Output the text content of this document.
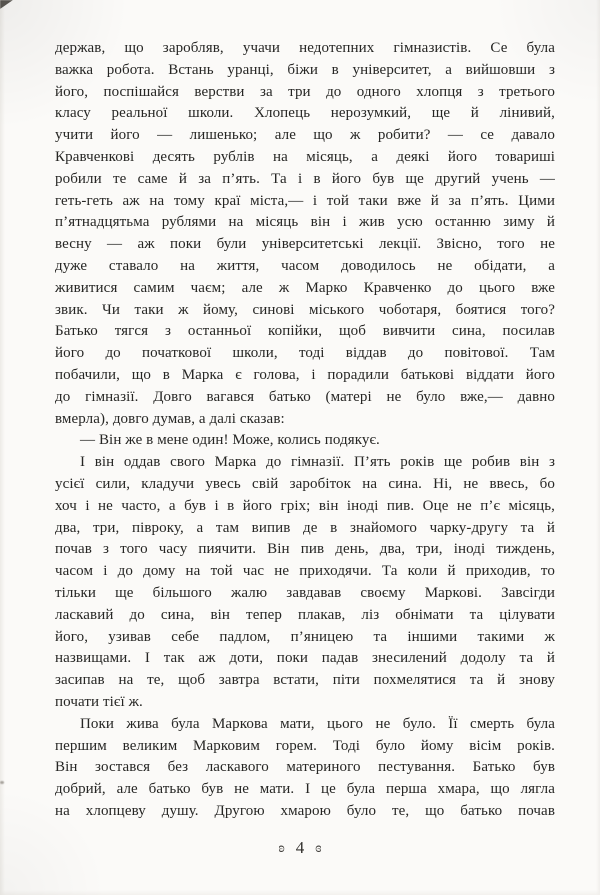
держав, що заробляв, учачи недотепних гімназистів. Се була
важка робота. Встань уранці, біжи в університет, а вийшовши з
його, поспішайся верстви за три до одного хлопця з третього
класу реальної школи. Хлопець нерозумкий, ще й лінивий,
учити його — лишенько; але що ж робити? — се давало
Кравченкові десять рублів на місяць, а деякі його товариші
робили те саме й за п’ять. Та і в його був ще другий учень —
геть-геть аж на тому краї міста,— і той таки вже й за п’ять. Цими
п’ятнадцятьма рублями на місяць він і жив усю останню зиму й
весну — аж поки були університетські лекції. Звісно, того не
дуже ставало на життя, часом доводилось не обідати, а
живитися самим чаєм; але ж Марко Кравченко до цього вже
звик. Чи таки ж йому, синові міського чоботаря, боятися того?
Батько тягся з останньої копійки, щоб вивчити сина, посилав
його до початкової школи, тоді віддав до повітової. Там
побачили, що в Марка є голова, і порадили батькові віддати його
до гімназії. Довго вагався батько (матері не було вже,— давно
вмерла), довго думав, а далі сказав:
— Він же в мене один! Може, колись подякує.
І він оддав свого Марка до гімназії. П’ять років ще робив він з
усієї сили, кладучи увесь свій заробіток на сина. Ні, не ввесь, бо
хоч і не часто, а був і в його гріх; він іноді пив. Оце не п’є місяць,
два, три, півроку, а там випив де в знайомого чарку-другу та й
почав з того часу пиячити. Він пив день, два, три, іноді тиждень,
часом і до дому на той час не приходячи. Та коли й приходив, то
тільки ще більшого жалю завдавав своєму Маркові. Завсігди
ласкавий до сина, він тепер плакав, ліз обнімати та цілувати
його, узивав себе падлом, п’яницею та іншими такими ж
назвищами. І так аж доти, поки падав знесилений додолу та й
засипав на те, щоб завтра встати, піти похмелятися та й знову
почати тієї ж.
Поки жива була Маркова мати, цього не було. Її смерть була
першим великим Марковим горем. Тоді було йому вісім років.
Він зостався без ласкавого материного пестування. Батько був
добрий, але батько був не мати. І це була перша хмара, що лягла
на хлопцеву душу. Другою хмарою було те, що батько почав
ʚ 4 ɞ
